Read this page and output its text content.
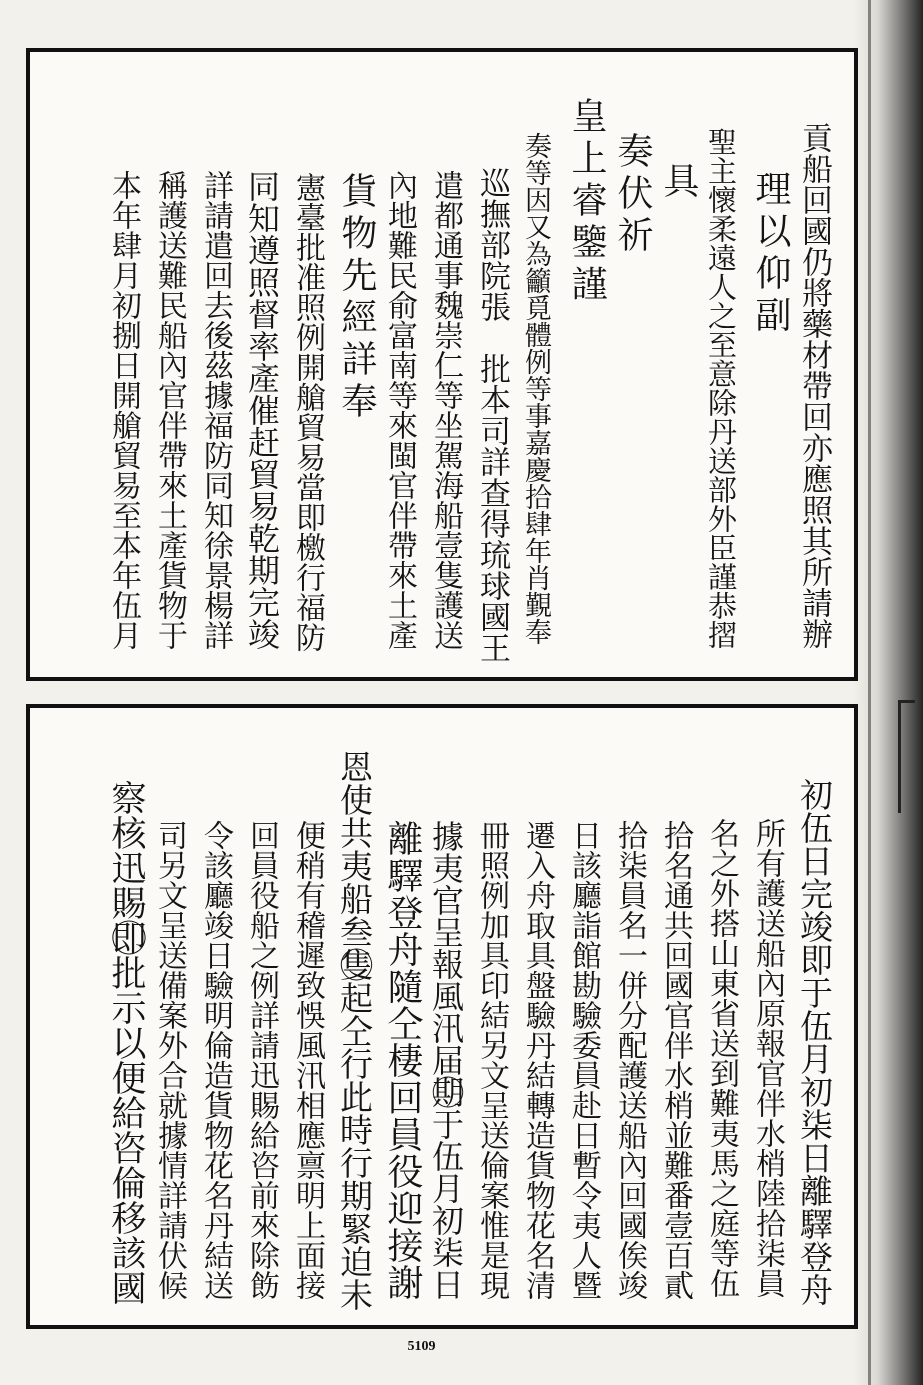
貢船回國仍將藥材帶回亦應照其所請辦
理以仰副
聖主懷柔遠人之至意除丹送部外臣謹恭摺
具
奏伏祈
皇上睿鑒謹
奏等因又為籲覓體例等事嘉慶拾肆年肖覲奉
巡撫部院張　批本司詳查得琉球國王
遣都通事魏崇仁等坐駕海船壹隻護送
內地難民俞富南等來閩官伴帶來土產
貨物先經詳奉
憲臺批准照例開艙貿易當即檄行福防
同知遵照督率產催赶貿易乾期完竣
詳請遣回去後茲據福防同知徐景楊詳
稱護送難民船內官伴帶來土產貨物于
本年肆月初捌日開艙貿易至本年伍月
初伍日完竣即于伍月初柒日離驛登舟
所有護送船內原報官伴水梢陸拾柒員
名之外搭山東省送到難夷馬之庭等伍
拾名通共回國官伴水梢並難番壹百貳
拾柒員名一併分配護送船內回國俟竣
日該廳詣館勘驗委員赴日暫令夷人暨
遷入舟取具盤驗丹結轉造貨物花名清
冊照例加具印結另文呈送倫案惟是現
據夷官呈報風汛届期⃝于伍月初柒日
離驛登舟隨仝棲回員役迎接謝
恩使共夷船叁隻⃝起仝行此時行期緊迫未
便稍有稽遲致悞風汛相應禀明上面接
回員役船之例詳請迅賜給咨前來除飭
令該廳竣日驗明倫造貨物花名丹結送
司另文呈送備案外合就據情詳請伏候
察核迅賜即⃝批示以便給咨倫移該國
5109
